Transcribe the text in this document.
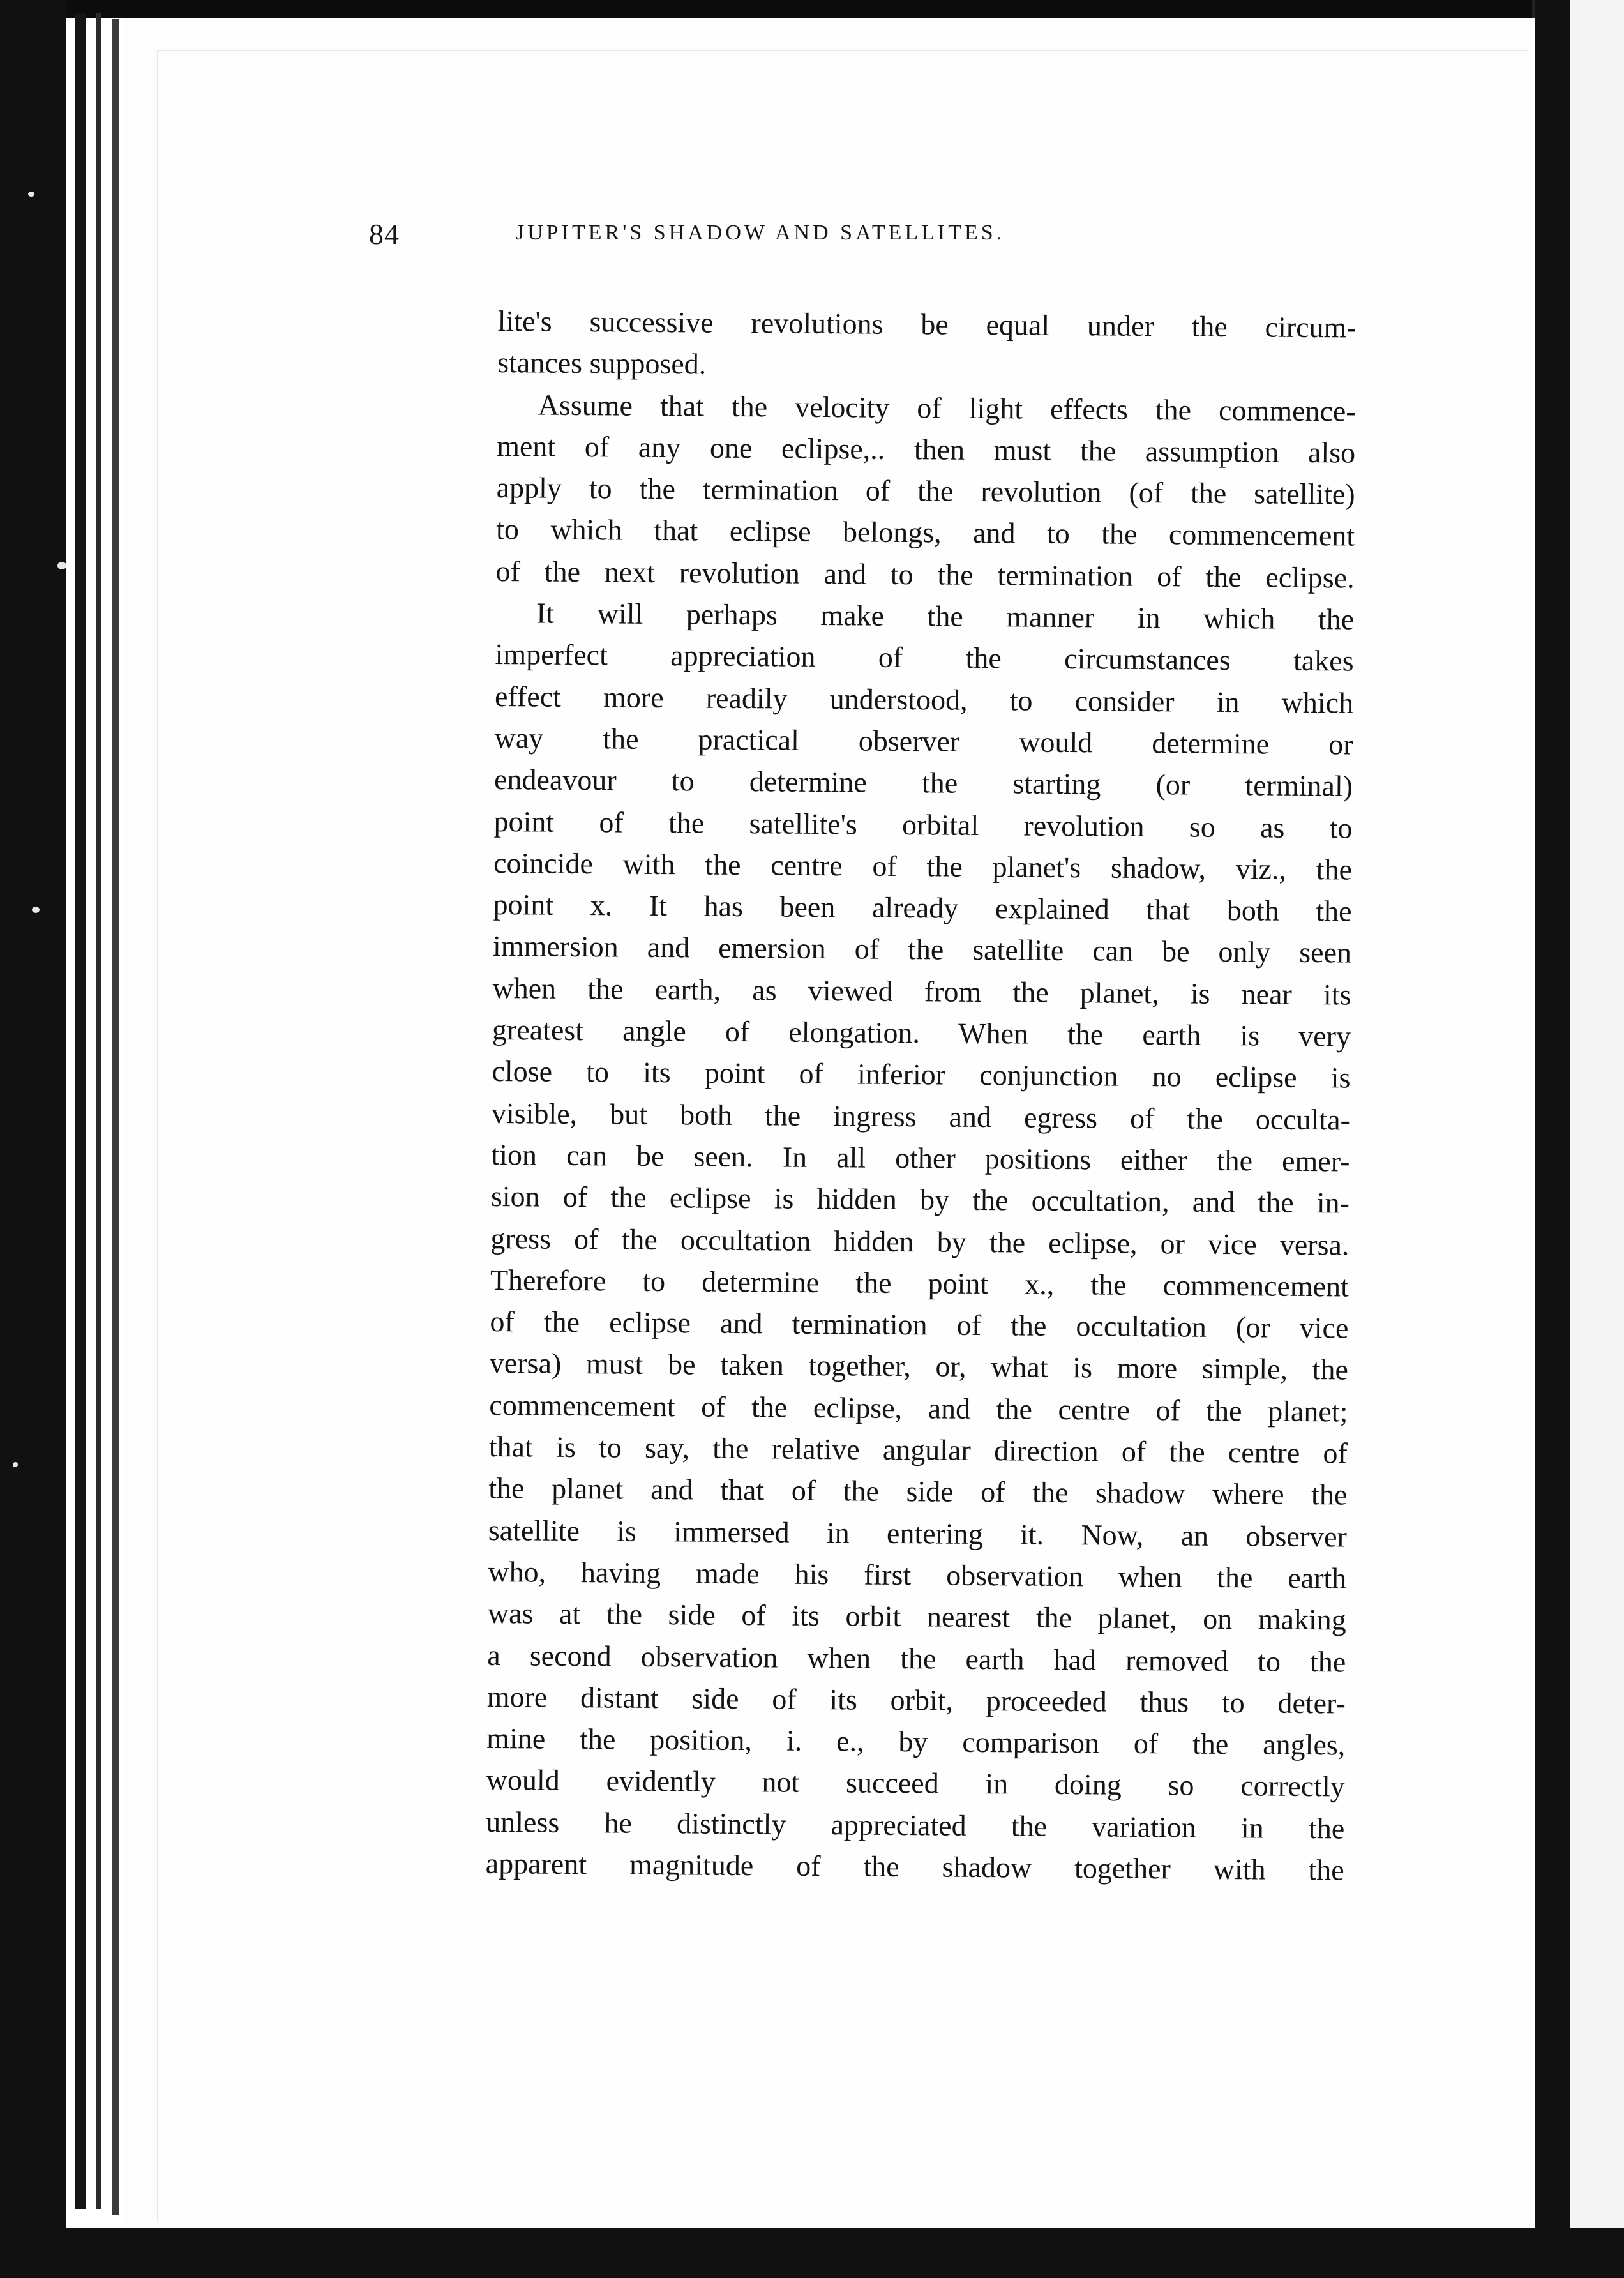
84	JUPITER'S SHADOW AND SATELLITES.
lite's successive revolutions be equal under the circum-
stances supposed.
Assume that the velocity of light effects the commence-
ment of any one eclipse,.. then must the assumption also
apply to the termination of the revolution (of the satellite)
to which that eclipse belongs, and to the commencement
of the next revolution and to the termination of the eclipse.
It will perhaps make the manner in which the
imperfect appreciation of the circumstances takes
effect more readily understood, to consider in which
way the practical observer would determine or
endeavour to determine the starting (or terminal)
point of the satellite's orbital revolution so as to
coincide with the centre of the planet's shadow, viz., the
point x. It has been already explained that both the
immersion and emersion of the satellite can be only seen
when the earth, as viewed from the planet, is near its
greatest angle of elongation. When the earth is very
close to its point of inferior conjunction no eclipse is
visible, but both the ingress and egress of the occulta-
tion can be seen. In all other positions either the emer-
sion of the eclipse is hidden by the occultation, and the in-
gress of the occultation hidden by the eclipse, or vice versa.
Therefore to determine the point x., the commencement
of the eclipse and termination of the occultation (or vice
versa) must be taken together, or, what is more simple, the
commencement of the eclipse, and the centre of the planet;
that is to say, the relative angular direction of the centre of
the planet and that of the side of the shadow where the
satellite is immersed in entering it. Now, an observer
who, having made his first observation when the earth
was at the side of its orbit nearest the planet, on making
a second observation when the earth had removed to the
more distant side of its orbit, proceeded thus to deter-
mine the position, i. e., by comparison of the angles,
would evidently not succeed in doing so correctly
unless he distinctly appreciated the variation in the
apparent magnitude of the shadow together with the
